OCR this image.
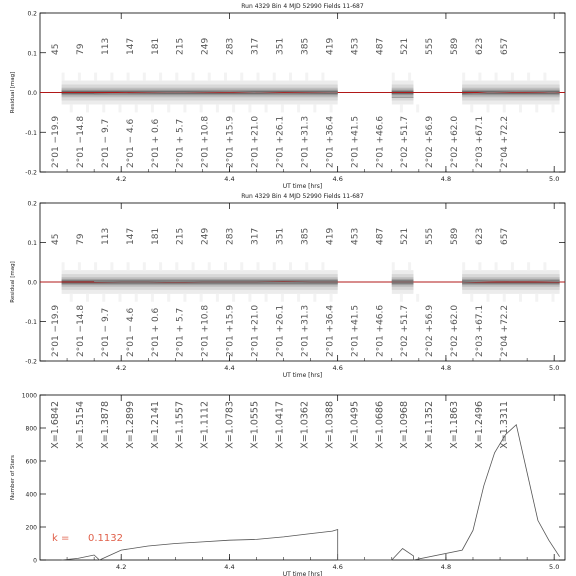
4.2	4.4	4.6	4.8	5.0
0.2
0.1
0.0
-0.1
-0.2
UT time [hrs]
Residual [mag]
Run 4329 Bin 4 MJD 52990 Fields 11-687
45
2°01 −19.9
79
2°01 −14.8
113
2°01 − 9.7
147
2°01 − 4.6
181
2°01 + 0.6
215
2°01 + 5.7
249
2°01 +10.8
283
2°01 +15.9
317
2°01 +21.0
351
2°01 +26.1
385
2°01 +31.3
419
2°01 +36.4
453
2°01 +41.5
487
2°01 +46.6
521
2°02 +51.7
555
2°02 +56.9
589
2°02 +62.0
623
2°03 +67.1
657
2°04 +72.2
4.2	4.4	4.6	4.8	5.0
0.2
0.1
0.0
-0.1
-0.2
UT time [hrs]
Residual [mag]
Run 4329 Bin 4 MJD 52990 Fields 11-687
45
2°01 −19.9
79
2°01 −14.8
113
2°01 − 9.7
147
2°01 − 4.6
181
2°01 + 0.6
215
2°01 + 5.7
249
2°01 +10.8
283
2°01 +15.9
317
2°01 +21.0
351
2°01 +26.1
385
2°01 +31.3
419
2°01 +36.4
453
2°01 +41.5
487
2°01 +46.6
521
2°02 +51.7
555
2°02 +56.9
589
2°02 +62.0
623
2°03 +67.1
657
2°04 +72.2
4.2	4.4	4.6	4.8	5.0
1000
800
600
400
200
0
UT time [hrs]
Number of Stars
X=1.6842 X=1.5154 X=1.3878 X=1.2899 X=1.2141 X=1.1557 X=1.1112 X=1.0783 X=1.0555 X=1.0417 X=1.0362 X=1.0388 X=1.0495 X=1.0686 X=1.0968 X=1.1352 X=1.1863 X=1.2496 X=1.3311
k = 0.1132
